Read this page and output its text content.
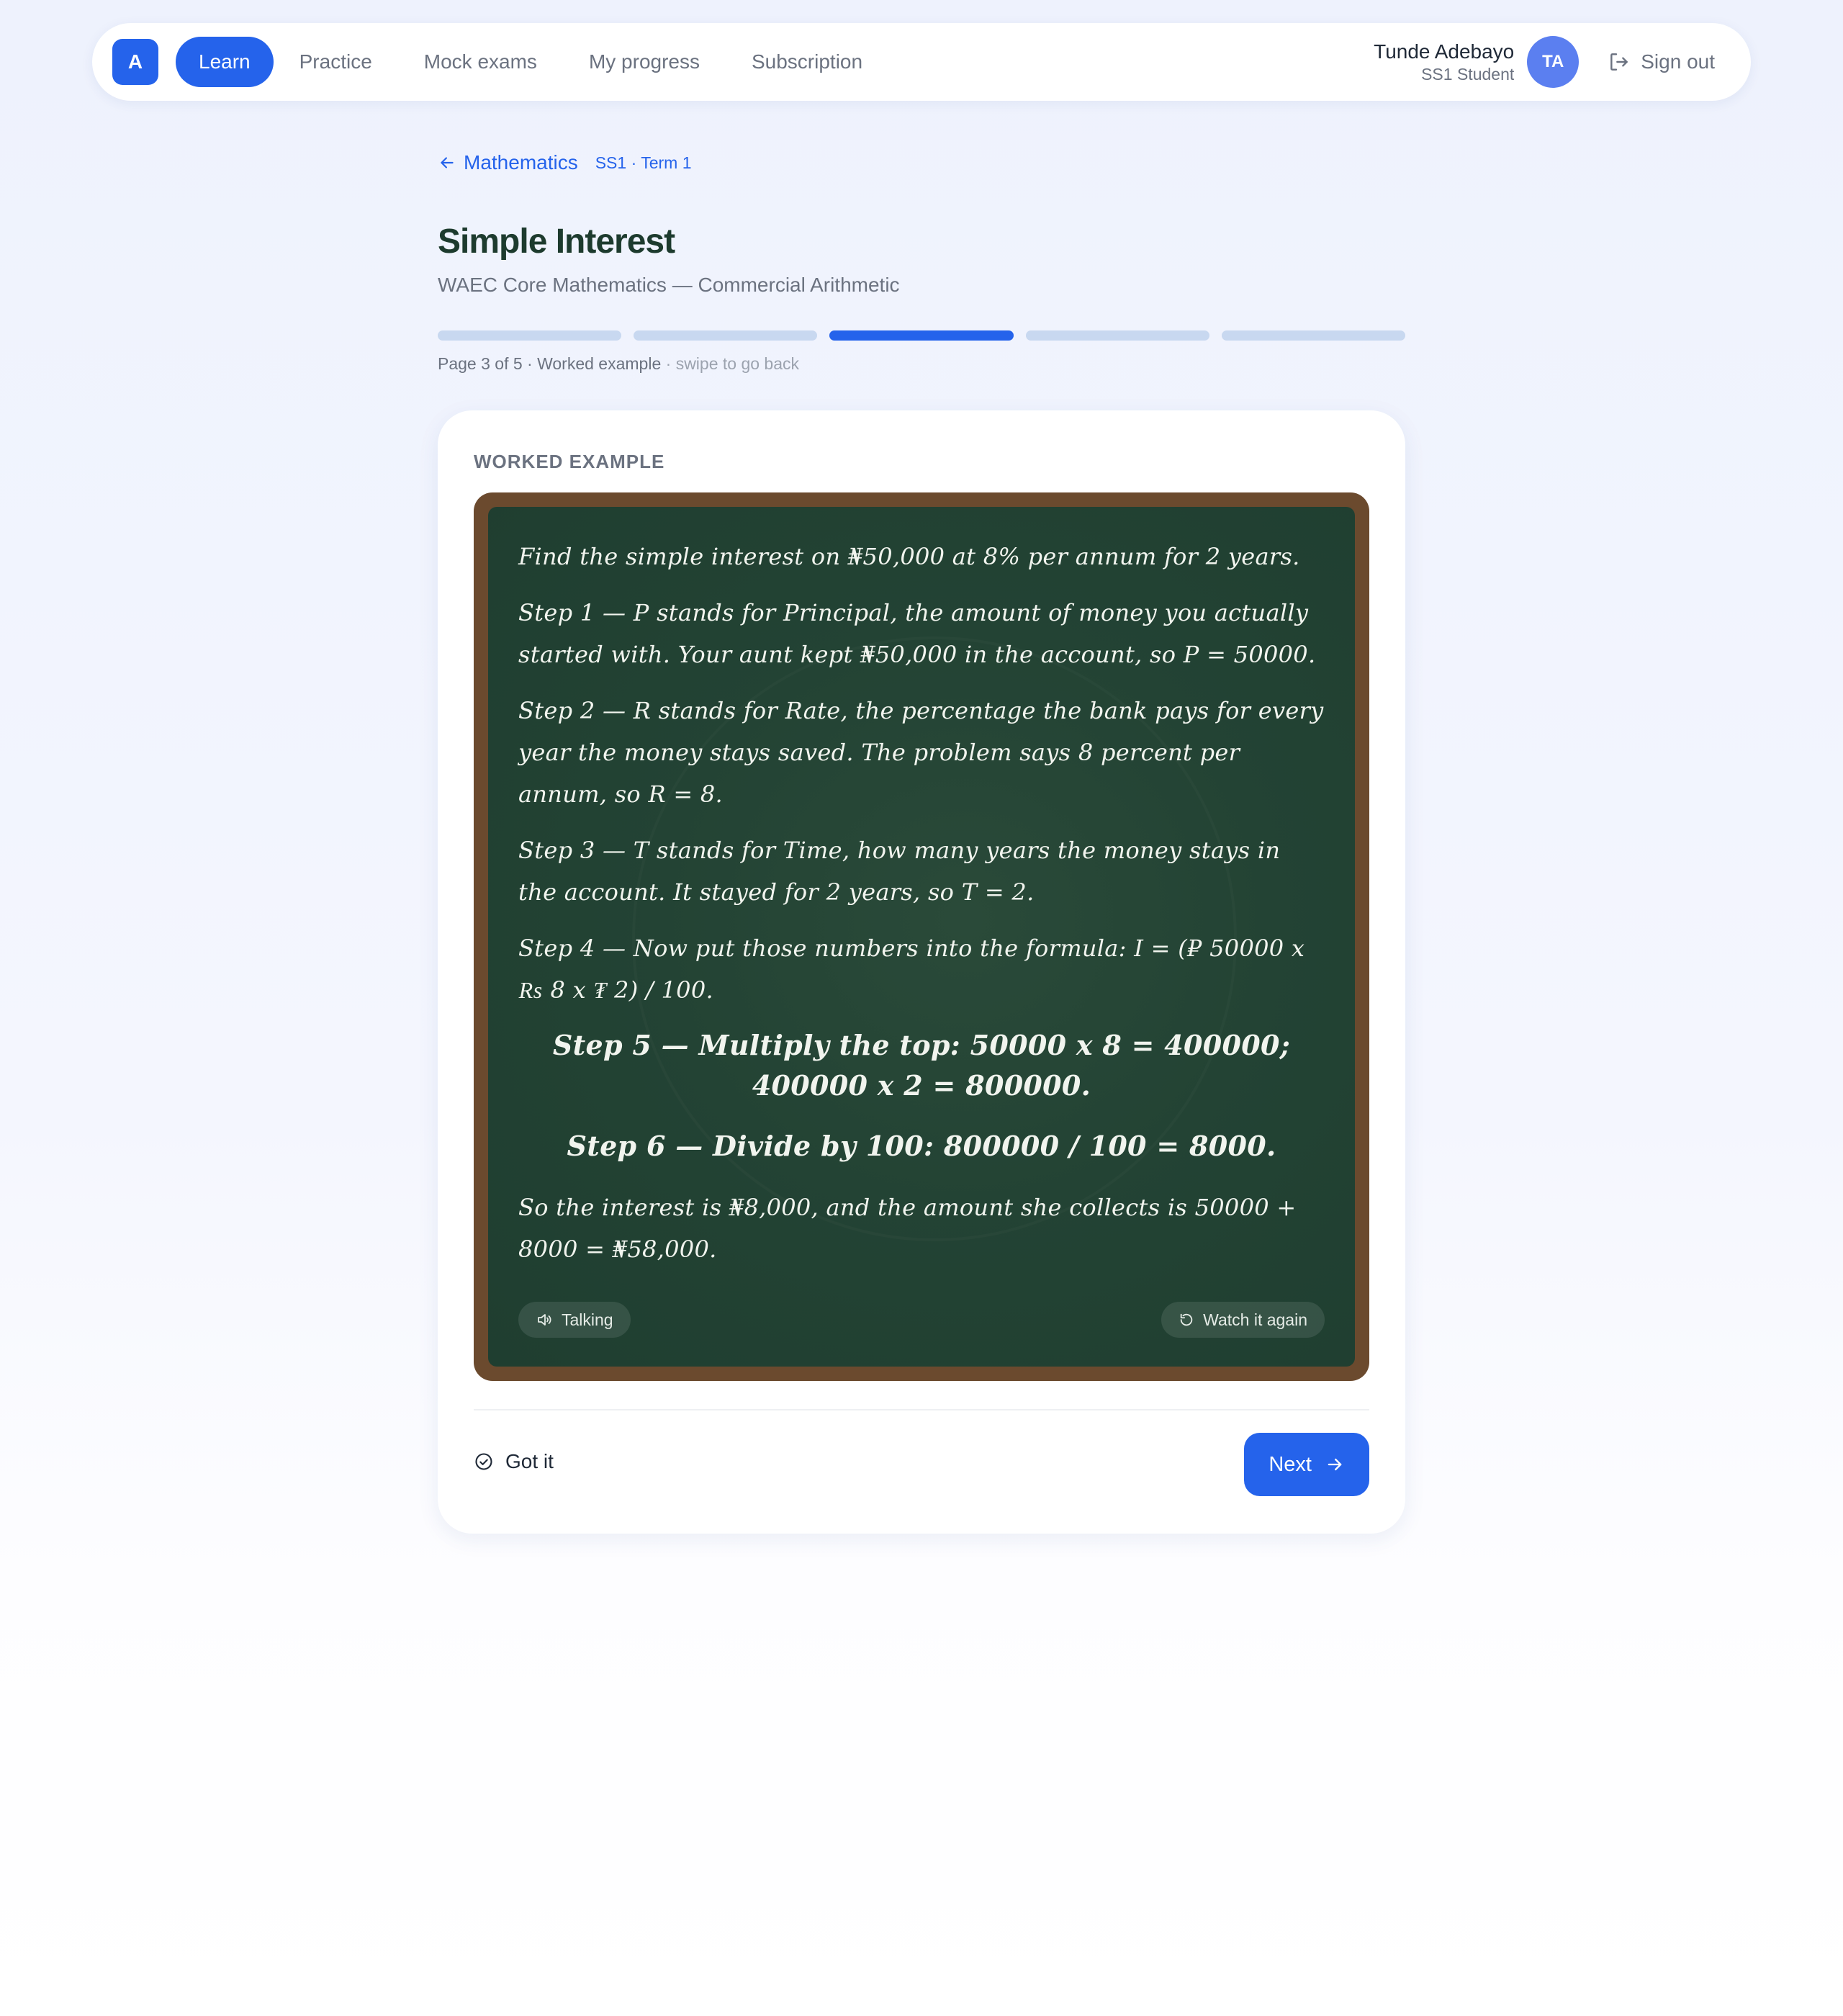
A	Learn	Practice	Mock exams	My progress	Subscription	Tunde Adebayo
SS1 Student
TA	Sign out
Mathematics SS1 · Term 1
Simple Interest
WAEC Core Mathematics — Commercial Arithmetic
Page 3 of 5 · Worked example · swipe to go back
WORKED EXAMPLE

Find the simple interest on ₦50,000 at 8% per annum for 2 years.

Step 1 — P stands for Principal, the amount of money you actually started with. Your aunt kept ₦50,000 in the account, so P = 50000.

Step 2 — R stands for Rate, the percentage the bank pays for every year the money stays saved. The problem says 8 percent per annum, so R = 8.

Step 3 — T stands for Time, how many years the money stays in the account. It stayed for 2 years, so T = 2.

Step 4 — Now put those numbers into the formula: I = (₽ 50000 x ₨ 8 x ₮ 2) / 100.

Step 5 — Multiply the top: 50000 x 8 = 400000; 400000 x 2 = 800000.

Step 6 — Divide by 100: 800000 / 100 = 8000.

So the interest is ₦8,000, and the amount she collects is 50000 + 8000 = ₦58,000.

Talking	Watch it again
Got it	Next
